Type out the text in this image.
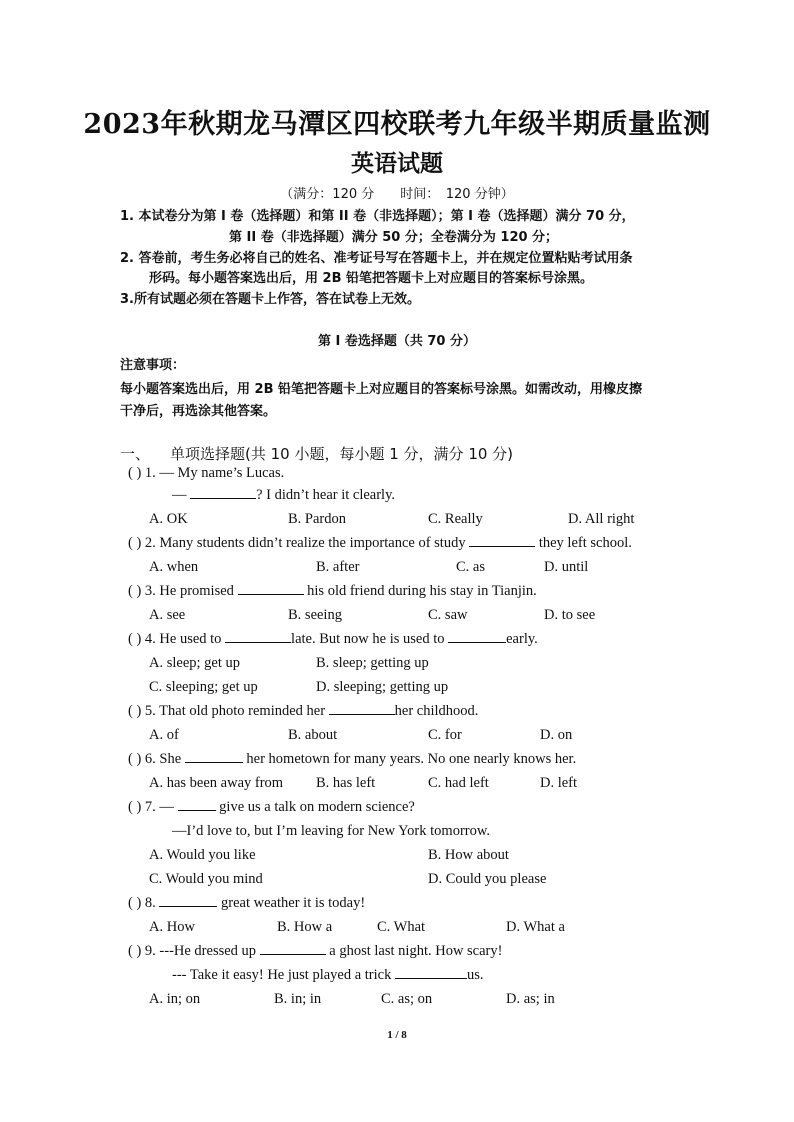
2023年秋期龙马潭区四校联考九年级半期质量监测
英语试题
（满分：120 分　　时间：　120 分钟）
1. 本试卷分为第 I 卷（选择题）和第 II 卷（非选择题）；第 I 卷（选择题）满分 70 分，
第 II 卷（非选择题）满分 50 分；全卷满分为 120 分；
2. 答卷前，考生务必将自己的姓名、准考证号写在答题卡上，并在规定位置粘贴考试用条
形码。每小题答案选出后，用 2B 铅笔把答题卡上对应题目的答案标号涂黑。
3.所有试题必须在答题卡上作答，答在试卷上无效。
第 I 卷选择题（共 70 分）
注意事项：
每小题答案选出后，用 2B 铅笔把答题卡上对应题目的答案标号涂黑。如需改动，用橡皮擦
干净后，再选涂其他答案。
一、 单项选择题(共 10 小题，每小题 1 分，满分 10 分)
( ) 1. — My name’s Lucas.
—	? I didn’t hear it clearly.
A. OK	B. Pardon	C. Really	D. All right
( ) 2. Many students didn’t realize the importance of study	they left school.
A. when	B. after	C. as	D. until
( ) 3. He promised	his old friend during his stay in Tianjin.
A. see	B. seeing	C. saw	D. to see
( ) 4. He used to	late. But now he is used to	early.
A. sleep; get up	B. sleep; getting up
C. sleeping; get up	D. sleeping; getting up
( ) 5. That old photo reminded her	her childhood.
A. of	B. about	C. for	D. on
( ) 6. She	her hometown for many years. No one nearly knows her.
A. has been away from B. has left	C. had left	D. left
( ) 7. —	give us a talk on modern science?
—I’d love to, but I’m leaving for New York tomorrow.
A. Would you like	B. How about
C. Would you mind	D. Could you please
( ) 8.	great weather it is today!
A. How	B. How a	C. What	D. What a
( ) 9. ---He dressed up	a ghost last night. How scary!
--- Take it easy! He just played a trick	us.
A. in; on	B. in; in	C. as; on	D. as; in
1 / 8
